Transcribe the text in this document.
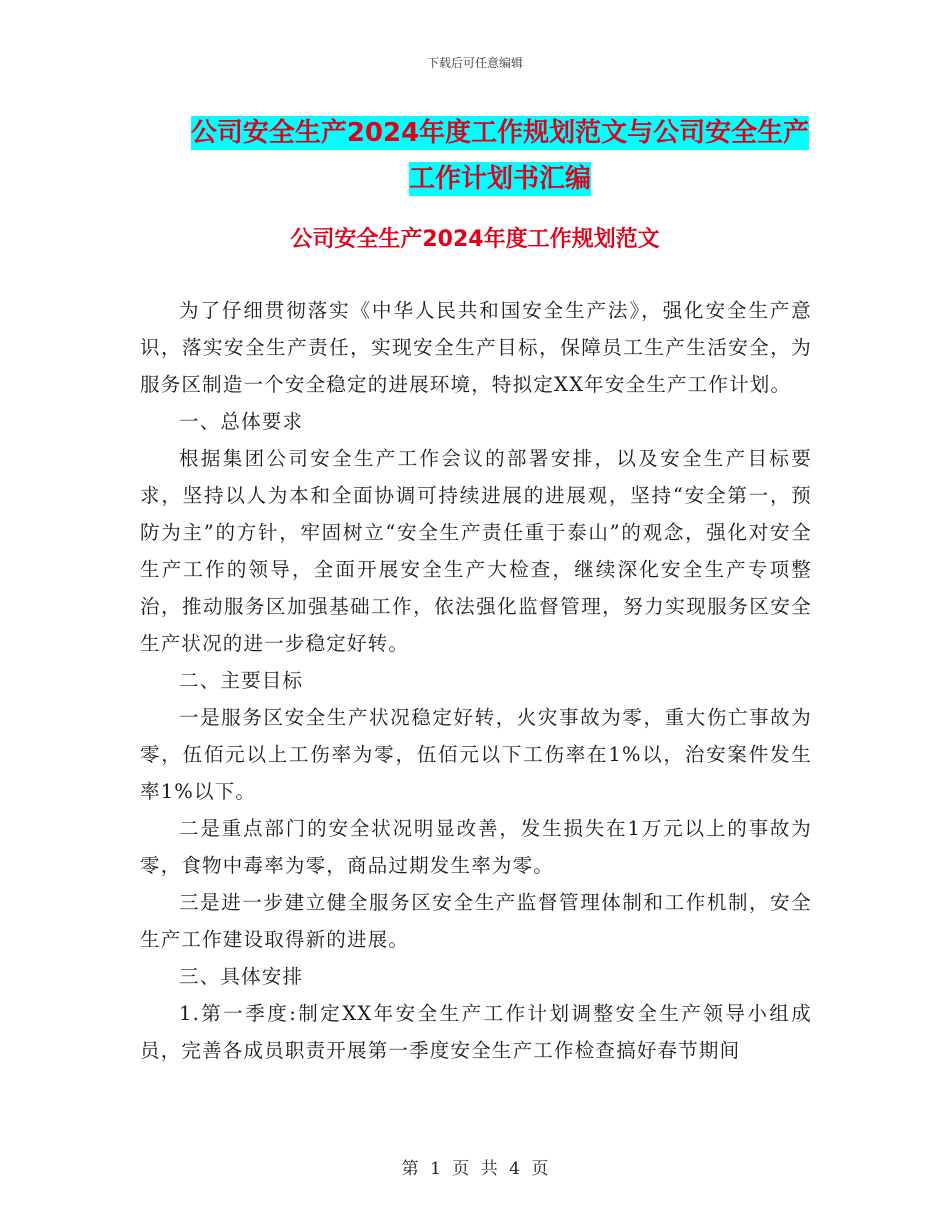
下载后可任意编辑
公司安全生产2024年度工作规划范文与公司安全生产
工作计划书汇编
公司安全生产2024年度工作规划范文

为了仔细贯彻落实《中华人民共和国安全生产法》，强化安全生产意识，落实安全生产责任，实现安全生产目标，保障员工生产生活安全，为服务区制造一个安全稳定的进展环境，特拟定XX年安全生产工作计划。

一、总体要求

根据集团公司安全生产工作会议的部署安排，以及安全生产目标要求，坚持以人为本和全面协调可持续进展的进展观，坚持“安全第一，预防为主”的方针，牢固树立“安全生产责任重于泰山”的观念，强化对安全生产工作的领导，全面开展安全生产大检查，继续深化安全生产专项整治，推动服务区加强基础工作，依法强化监督管理，努力实现服务区安全生产状况的进一步稳定好转。

二、主要目标

一是服务区安全生产状况稳定好转，火灾事故为零，重大伤亡事故为零，伍佰元以上工伤率为零，伍佰元以下工伤率在1%以，治安案件发生率1%以下。

二是重点部门的安全状况明显改善，发生损失在1万元以上的事故为零，食物中毒率为零，商品过期发生率为零。

三是进一步建立健全服务区安全生产监督管理体制和工作机制，安全生产工作建设取得新的进展。

三、具体安排

1.第一季度:制定XX年安全生产工作计划调整安全生产领导小组成员，完善各成员职责开展第一季度安全生产工作检查搞好春节期间

第 1 页 共 4 页
